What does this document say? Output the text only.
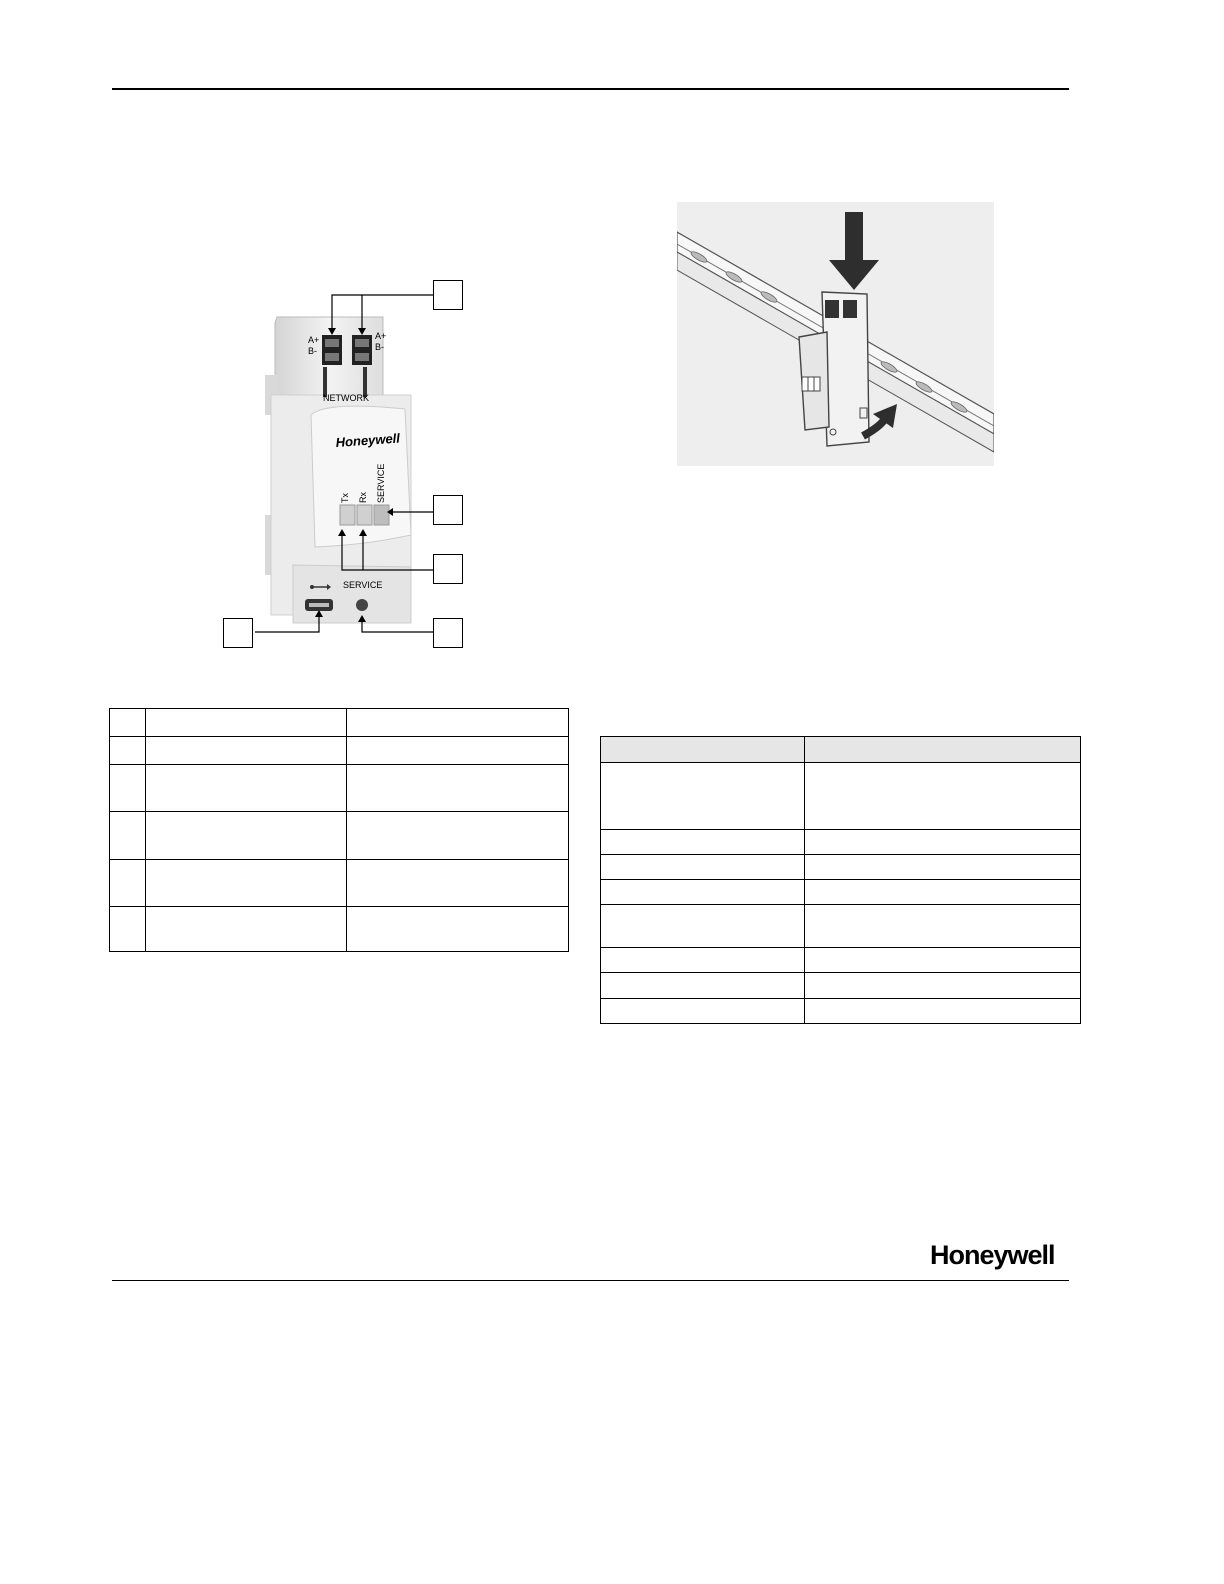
A+
B-
A+
B-
NETWORK
Honeywell
Tx Rx SERVICE
SERVICE

Honeywell
